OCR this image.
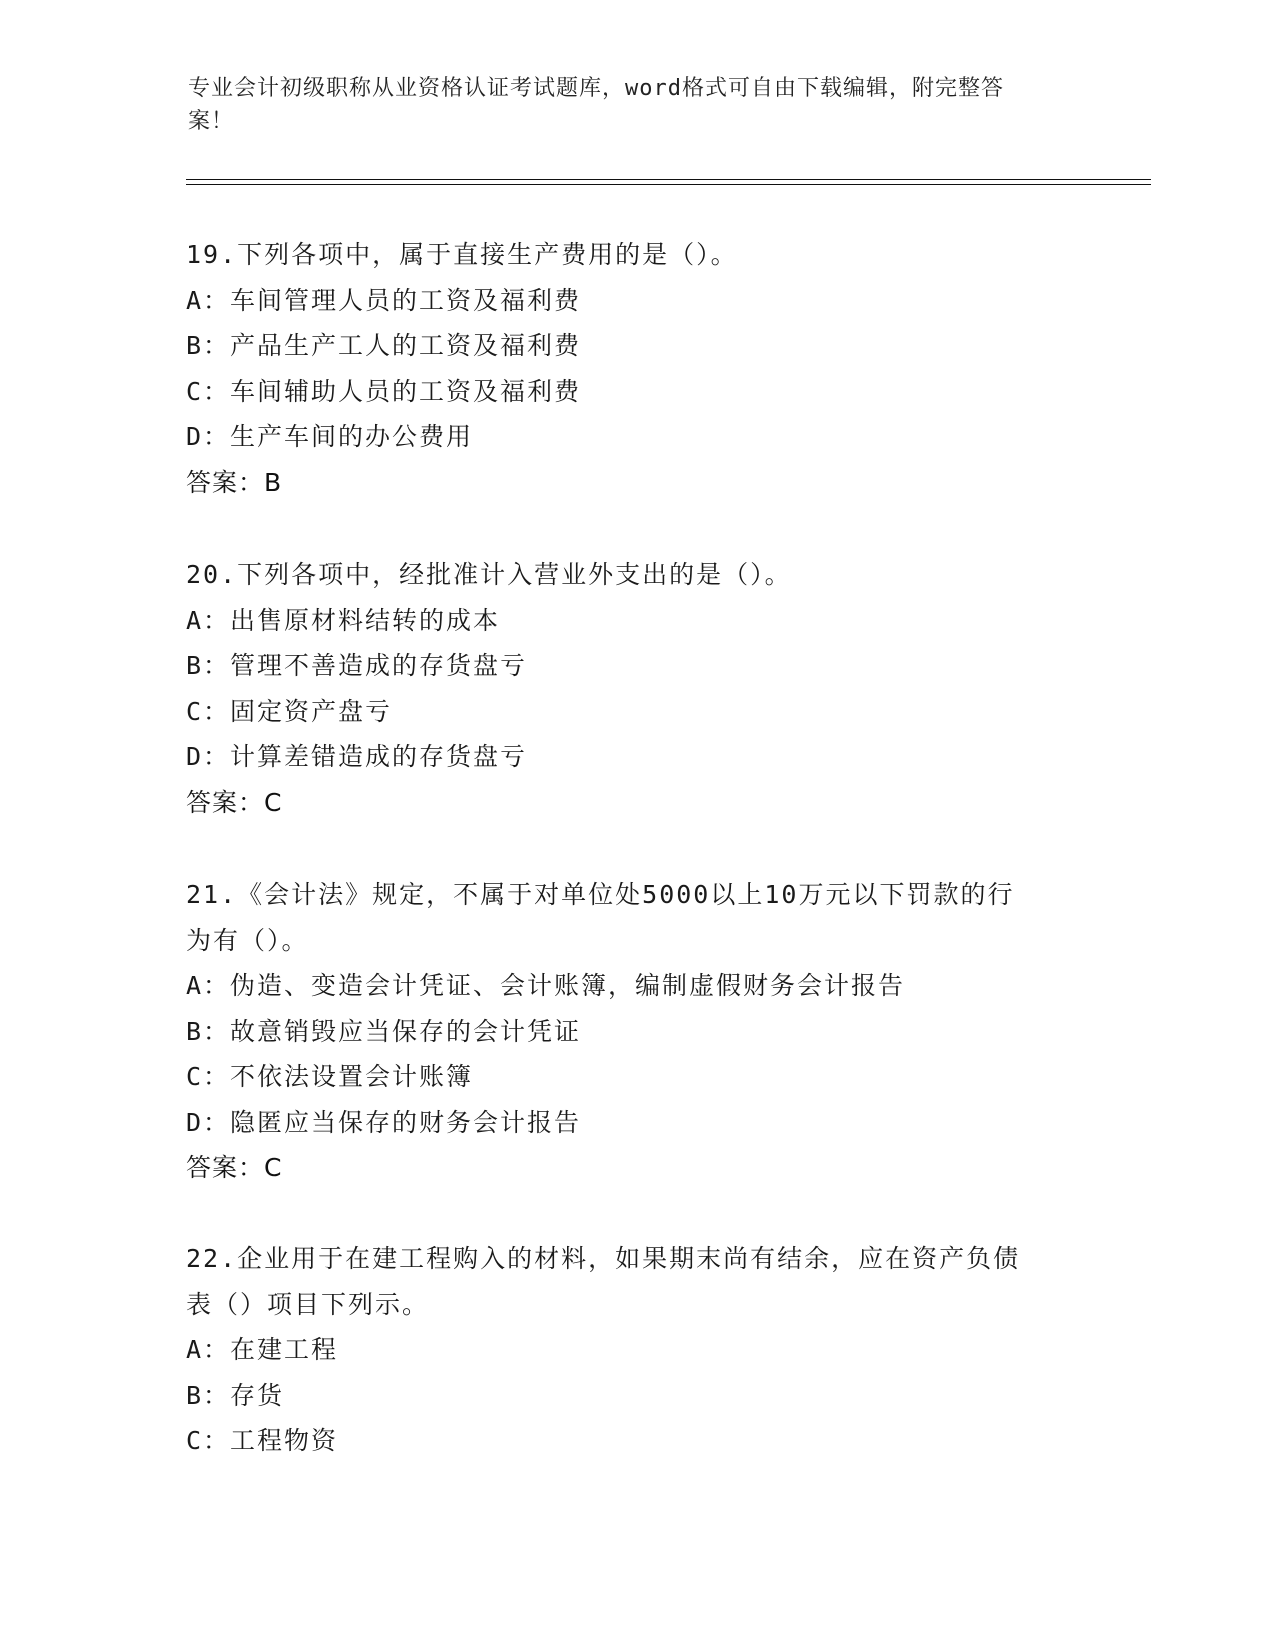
专业会计初级职称从业资格认证考试题库，word格式可自由下载编辑，附完整答
案！
19.下列各项中，属于直接生产费用的是（）。
A：车间管理人员的工资及福利费
B：产品生产工人的工资及福利费
C：车间辅助人员的工资及福利费
D：生产车间的办公费用
答案：B
20.下列各项中，经批准计入营业外支出的是（）。
A：出售原材料结转的成本
B：管理不善造成的存货盘亏
C：固定资产盘亏
D：计算差错造成的存货盘亏
答案：C
21.《会计法》规定，不属于对单位处5000以上10万元以下罚款的行
为有（）。
A：伪造、变造会计凭证、会计账簿，编制虚假财务会计报告
B：故意销毁应当保存的会计凭证
C：不依法设置会计账簿
D：隐匿应当保存的财务会计报告
答案：C
22.企业用于在建工程购入的材料，如果期末尚有结余，应在资产负债
表（）项目下列示。
A：在建工程
B：存货
C：工程物资
